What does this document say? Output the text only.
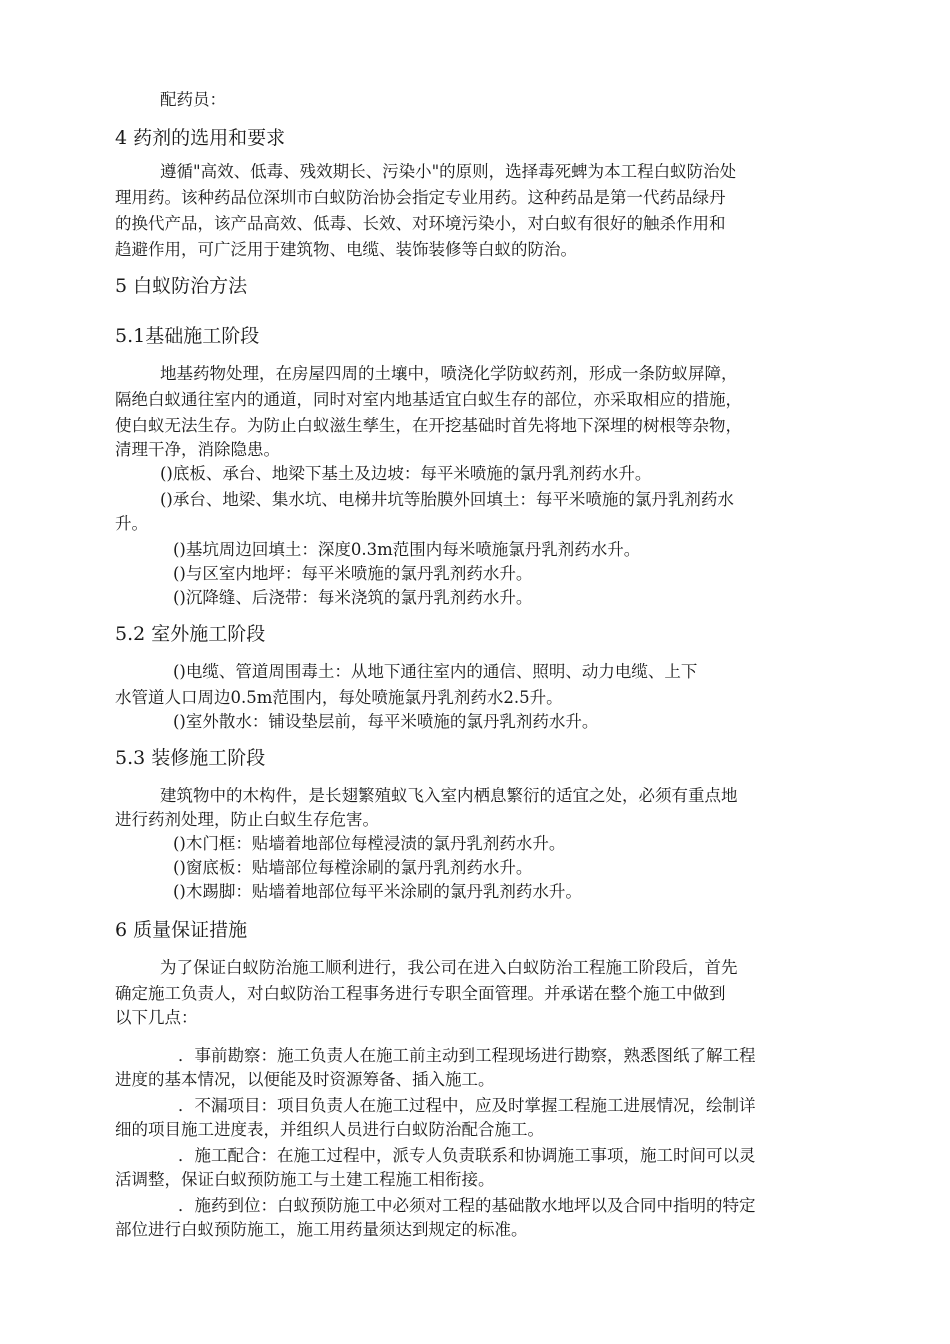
配药员：
4 药剂的选用和要求
遵循"高效、低毒、残效期长、污染小"的原则，选择毒死蜱为本工程白蚁防治处
理用药。该种药品位深圳市白蚁防治协会指定专业用药。这种药品是第一代药品绿丹
的换代产品，该产品高效、低毒、长效、对环境污染小，对白蚁有很好的触杀作用和
趋避作用，可广泛用于建筑物、电缆、装饰装修等白蚁的防治。
5 白蚁防治方法
5.1基础施工阶段
地基药物处理，在房屋四周的土壤中，喷浇化学防蚁药剂，形成一条防蚁屏障，
隔绝白蚁通往室内的通道，同时对室内地基适宜白蚁生存的部位，亦采取相应的措施，
使白蚁无法生存。为防止白蚁滋生孳生，在开挖基础时首先将地下深埋的树根等杂物，
清理干净，消除隐患。
()底板、承台、地梁下基土及边坡：每平米喷施的氯丹乳剂药水升。
()承台、地梁、集水坑、电梯井坑等胎膜外回填土：每平米喷施的氯丹乳剂药水
升。
()基坑周边回填土：深度0.3m范围内每米喷施氯丹乳剂药水升。
()与区室内地坪：每平米喷施的氯丹乳剂药水升。
()沉降缝、后浇带：每米浇筑的氯丹乳剂药水升。
5.2 室外施工阶段
()电缆、管道周围毒土：从地下通往室内的通信、照明、动力电缆、上下
水管道人口周边0.5m范围内，每处喷施氯丹乳剂药水2.5升。
()室外散水：铺设垫层前，每平米喷施的氯丹乳剂药水升。
5.3 装修施工阶段
建筑物中的木构件，是长翅繁殖蚁飞入室内栖息繁衍的适宜之处，必须有重点地
进行药剂处理，防止白蚁生存危害。
()木门框：贴墙着地部位每樘浸渍的氯丹乳剂药水升。
()窗底板：贴墙部位每樘涂刷的氯丹乳剂药水升。
()木踢脚：贴墙着地部位每平米涂刷的氯丹乳剂药水升。
6 质量保证措施
为了保证白蚁防治施工顺利进行，我公司在进入白蚁防治工程施工阶段后，首先
确定施工负责人，对白蚁防治工程事务进行专职全面管理。并承诺在整个施工中做到
以下几点：
．事前勘察：施工负责人在施工前主动到工程现场进行勘察，熟悉图纸了解工程
进度的基本情况，以便能及时资源筹备、插入施工。
．不漏项目：项目负责人在施工过程中，应及时掌握工程施工进展情况，绘制详
细的项目施工进度表，并组织人员进行白蚁防治配合施工。
．施工配合：在施工过程中，派专人负责联系和协调施工事项，施工时间可以灵
活调整，保证白蚁预防施工与土建工程施工相衔接。
．施药到位：白蚁预防施工中必须对工程的基础散水地坪以及合同中指明的特定
部位进行白蚁预防施工，施工用药量须达到规定的标准。
